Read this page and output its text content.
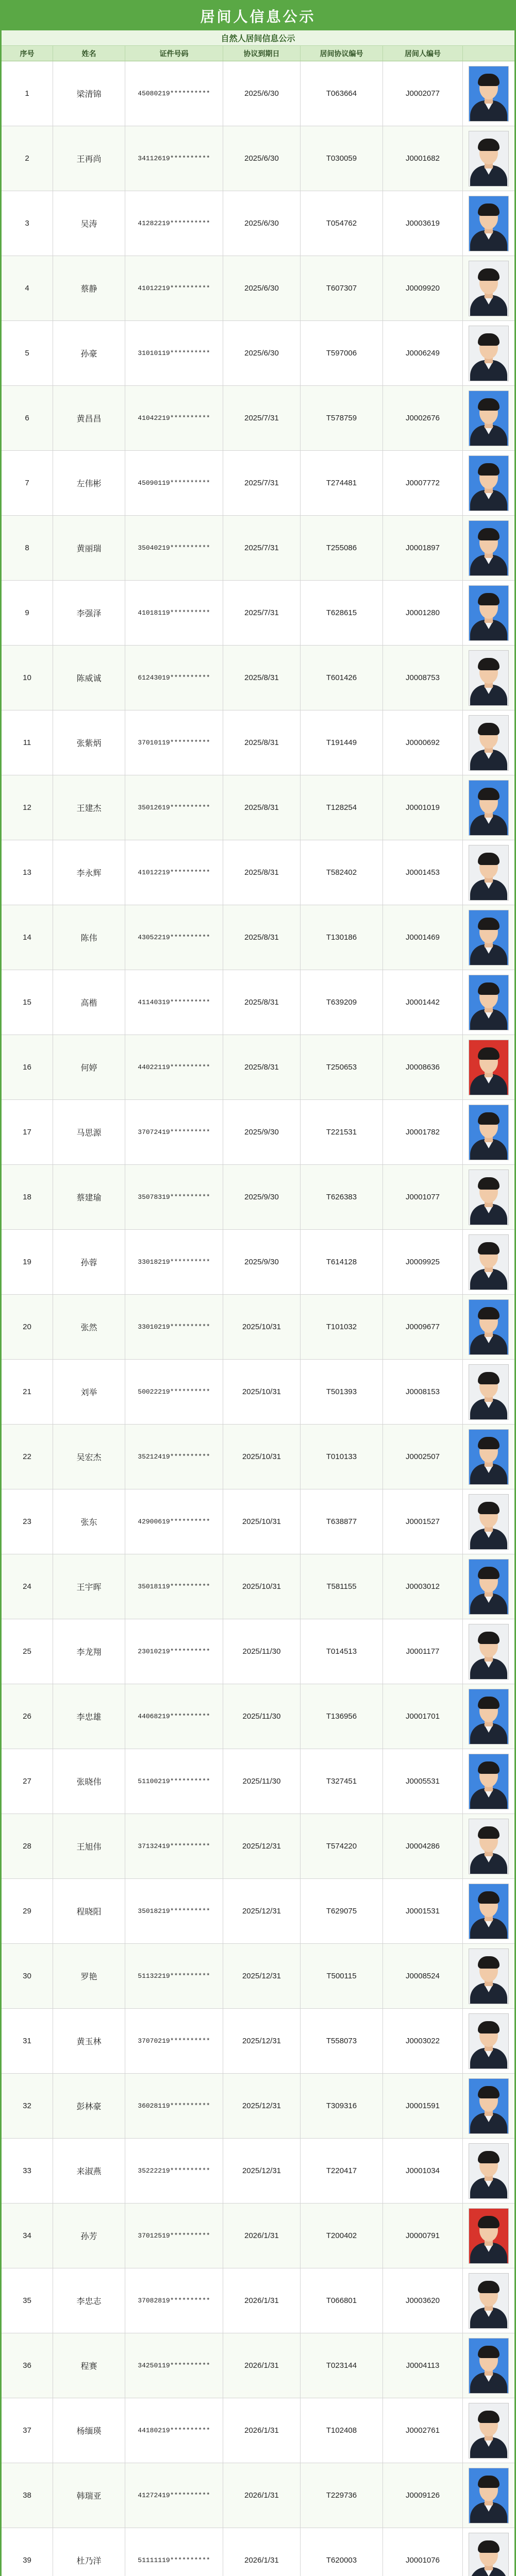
居间人信息公示
自然人居间信息公示
序号	姓名	证件号码	协议到期日	居间协议编号	居间人编号
1	梁清锦	45080219**********	2025/6/30	T063664	J0002077
2	王再尚	34112619**********	2025/6/30	T030059	J0001682
3	吴涛	41282219**********	2025/6/30	T054762	J0003619
4	蔡静	41012219**********	2025/6/30	T607307	J0009920
5	孙豪	31010119**********	2025/6/30	T597006	J0006249
6	黄昌昌	41042219**********	2025/7/31	T578759	J0002676
7	左伟彬	45090119**********	2025/7/31	T274481	J0007772
8	黄丽瑞	35040219**********	2025/7/31	T255086	J0001897
9	李强泽	41018119**********	2025/7/31	T628615	J0001280
10	陈威诚	61243019**********	2025/8/31	T601426	J0008753
11	张紫炳	37010119**********	2025/8/31	T191449	J0000692
12	王建杰	35012619**********	2025/8/31	T128254	J0001019
13	李永辉	41012219**********	2025/8/31	T582402	J0001453
14	陈伟	43052219**********	2025/8/31	T130186	J0001469
15	高楷	41140319**********	2025/8/31	T639209	J0001442
16	何婷	44022119**********	2025/8/31	T250653	J0008636
17	马思源	37072419**********	2025/9/30	T221531	J0001782
18	蔡建瑜	35078319**********	2025/9/30	T626383	J0001077
19	孙蓉	33018219**********	2025/9/30	T614128	J0009925
20	张然	33010219**********	2025/10/31	T101032	J0009677
21	刘举	50022219**********	2025/10/31	T501393	J0008153
22	吴宏杰	35212419**********	2025/10/31	T010133	J0002507
23	张东	42900619**********	2025/10/31	T638877	J0001527
24	王宇晖	35018119**********	2025/10/31	T581155	J0003012
25	李龙翔	23010219**********	2025/11/30	T014513	J0001177
26	李忠雄	44068219**********	2025/11/30	T136956	J0001701
27	张晓伟	51100219**********	2025/11/30	T327451	J0005531
28	王旭伟	37132419**********	2025/12/31	T574220	J0004286
29	程晓阳	35018219**********	2025/12/31	T629075	J0001531
30	罗艳	51132219**********	2025/12/31	T500115	J0008524
31	黄玉林	37070219**********	2025/12/31	T558073	J0003022
32	彭林豪	36028119**********	2025/12/31	T309316	J0001591
33	来淑燕	35222219**********	2025/12/31	T220417	J0001034
34	孙芳	37012519**********	2026/1/31	T200402	J0000791
35	李忠志	37082819**********	2026/1/31	T066801	J0003620
36	程赛	34250119**********	2026/1/31	T023144	J0004113
37	杨缅瑛	44180219**********	2026/1/31	T102408	J0002761
38	韩瑞亚	41272419**********	2026/1/31	T229736	J0009126
39	杜乃洋	51111119**********	2026/1/31	T620003	J0001076
